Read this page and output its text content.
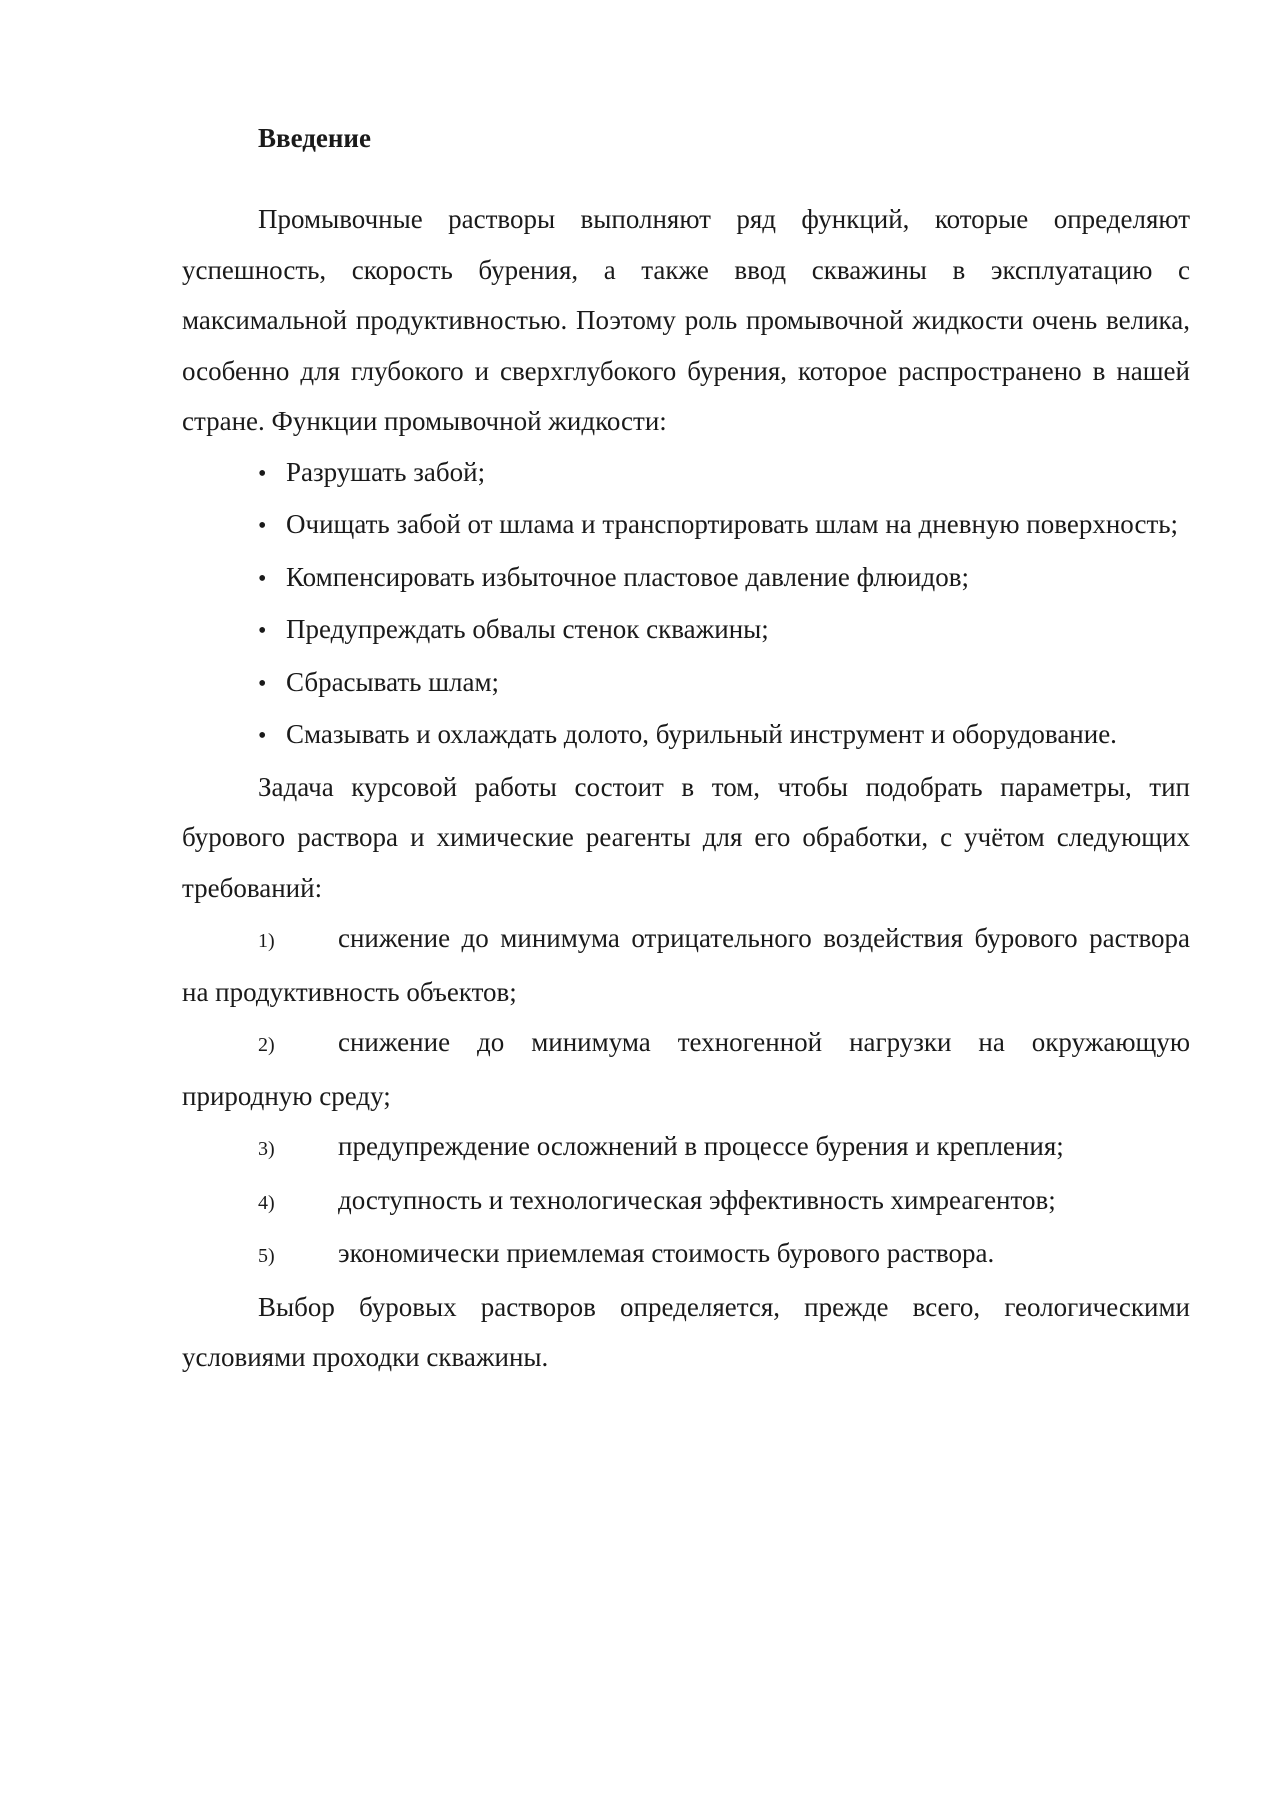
Введение

Промывочные растворы выполняют ряд функций, которые определяют успешность, скорость бурения, а также ввод скважины в эксплуатацию с максимальной продуктивностью. Поэтому роль промывочной жидкости очень велика, особенно для глубокого и сверхглубокого бурения, которое распространено в нашей стране. Функции промывочной жидкости:

• Разрушать забой;

• Очищать забой от шлама и транспортировать шлам на дневную поверхность;

• Компенсировать избыточное пластовое давление флюидов;

• Предупреждать обвалы стенок скважины;

• Сбрасывать шлам;

• Смазывать и охлаждать долото, бурильный инструмент и оборудование.

Задача курсовой работы состоит в том, чтобы подобрать параметры, тип бурового раствора и химические реагенты для его обработки, с учётом следующих требований:

1) снижение до минимума отрицательного воздействия бурового раствора на продуктивность объектов;

2) снижение до минимума техногенной нагрузки на окружающую природную среду;

3) предупреждение осложнений в процессе бурения и крепления;

4) доступность и технологическая эффективность химреагентов;

5) экономически приемлемая стоимость бурового раствора.

Выбор буровых растворов определяется, прежде всего, геологическими условиями проходки скважины.
